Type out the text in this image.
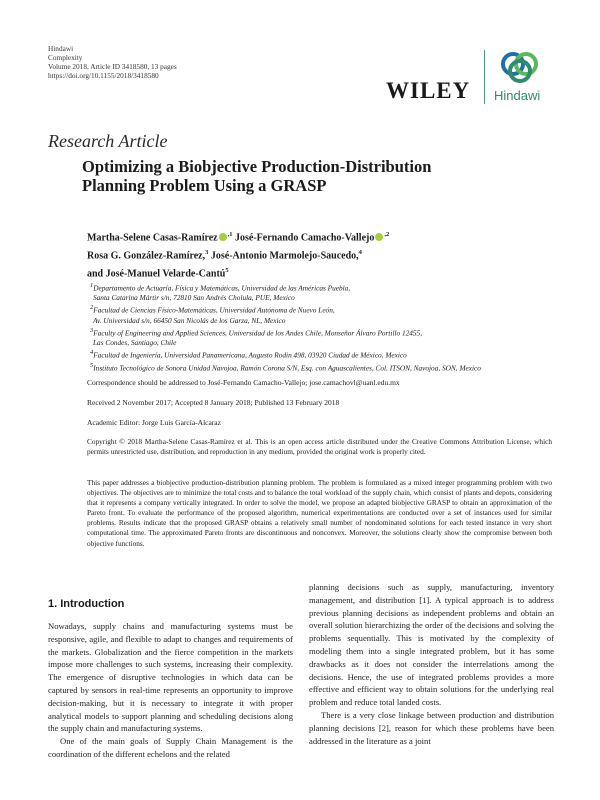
Hindawi
Complexity
Volume 2018, Article ID 3418580, 13 pages
https://doi.org/10.1155/2018/3418580
WILEY Hindawi
Research Article
Optimizing a Biobjective Production-Distribution
Planning Problem Using a GRASP
Martha-Selene Casas-Ramírez $^{,1}$ José-Fernando Camacho-Vallejo $^{,2}$
Rosa G. González-Ramírez,$^3$ José-Antonio Marmolejo-Saucedo,$^4$
and José-Manuel Velarde-Cantú$^5$
$^1$Departamento de Actuaría, Física y Matemáticas, Universidad de las Américas Puebla,
Santa Catarina Mártir s/n, 72810 San Andrés Cholula, PUE, Mexico
$^2$Facultad de Ciencias Físico-Matemáticas, Universidad Autónoma de Nuevo León,
Av. Universidad s/n, 66450 San Nicolás de los Garza, NL, Mexico
$^3$Faculty of Engineering and Applied Sciences, Universidad de los Andes Chile, Monseñor Álvaro Portillo 12455,
Las Condes, Santiago, Chile
$^4$Facultad de Ingeniería, Universidad Panamericana, Augusto Rodin 498, 03920 Ciudad de México, Mexico
$^5$Instituto Tecnológico de Sonora Unidad Navojoa, Ramón Corona S/N, Esq. con Aguascalientes, Col. ITSON, Navojoa, SON, Mexico
Correspondence should be addressed to José-Fernando Camacho-Vallejo; jose.camachovl@uanl.edu.mx
Received 2 November 2017; Accepted 8 January 2018; Published 13 February 2018
Academic Editor: Jorge Luis García-Alcaraz
Copyright © 2018 Martha-Selene Casas-Ramírez et al. This is an open access article distributed under the Creative Commons Attribution License, which permits unrestricted use, distribution, and reproduction in any medium, provided the original work is properly cited.
This paper addresses a biobjective production-distribution planning problem. The problem is formulated as a mixed integer programming problem with two objectives. The objectives are to minimize the total costs and to balance the total workload of the supply chain, which consist of plants and depots, considering that it represents a company vertically integrated. In order to solve the model, we propose an adapted biobjective GRASP to obtain an approximation of the Pareto front. To evaluate the performance of the proposed algorithm, numerical experimentations are conducted over a set of instances used for similar problems. Results indicate that the proposed GRASP obtains a relatively small number of nondominated solutions for each tested instance in very short computational time. The approximated Pareto fronts are discontinuous and nonconvex. Moreover, the solutions clearly show the compromise between both objective functions.
1. Introduction

Nowadays, supply chains and manufacturing systems must be responsive, agile, and flexible to adapt to changes and requirements of the markets. Globalization and the fierce competition in the markets impose more challenges to such systems, increasing their complexity. The emergence of disruptive technologies in which data can be captured by sensors in real-time represents an opportunity to improve decision-making, but it is necessary to integrate it with proper analytical models to support planning and scheduling decisions along the supply chain and manufacturing systems.

One of the main goals of Supply Chain Management is the coordination of the different echelons and the related

planning decisions such as supply, manufacturing, inventory management, and distribution [1]. A typical approach is to address previous planning decisions as independent problems and obtain an overall solution hierarchizing the order of the decisions and solving the problems sequentially. This is motivated by the complexity of modeling them into a single integrated problem, but it has some drawbacks as it does not consider the interrelations among the decisions. Hence, the use of integrated problems provides a more effective and efficient way to obtain solutions for the underlying real problem and reduce total landed costs.

There is a very close linkage between production and distribution planning decisions [2], reason for which these problems have been addressed in the literature as a joint
